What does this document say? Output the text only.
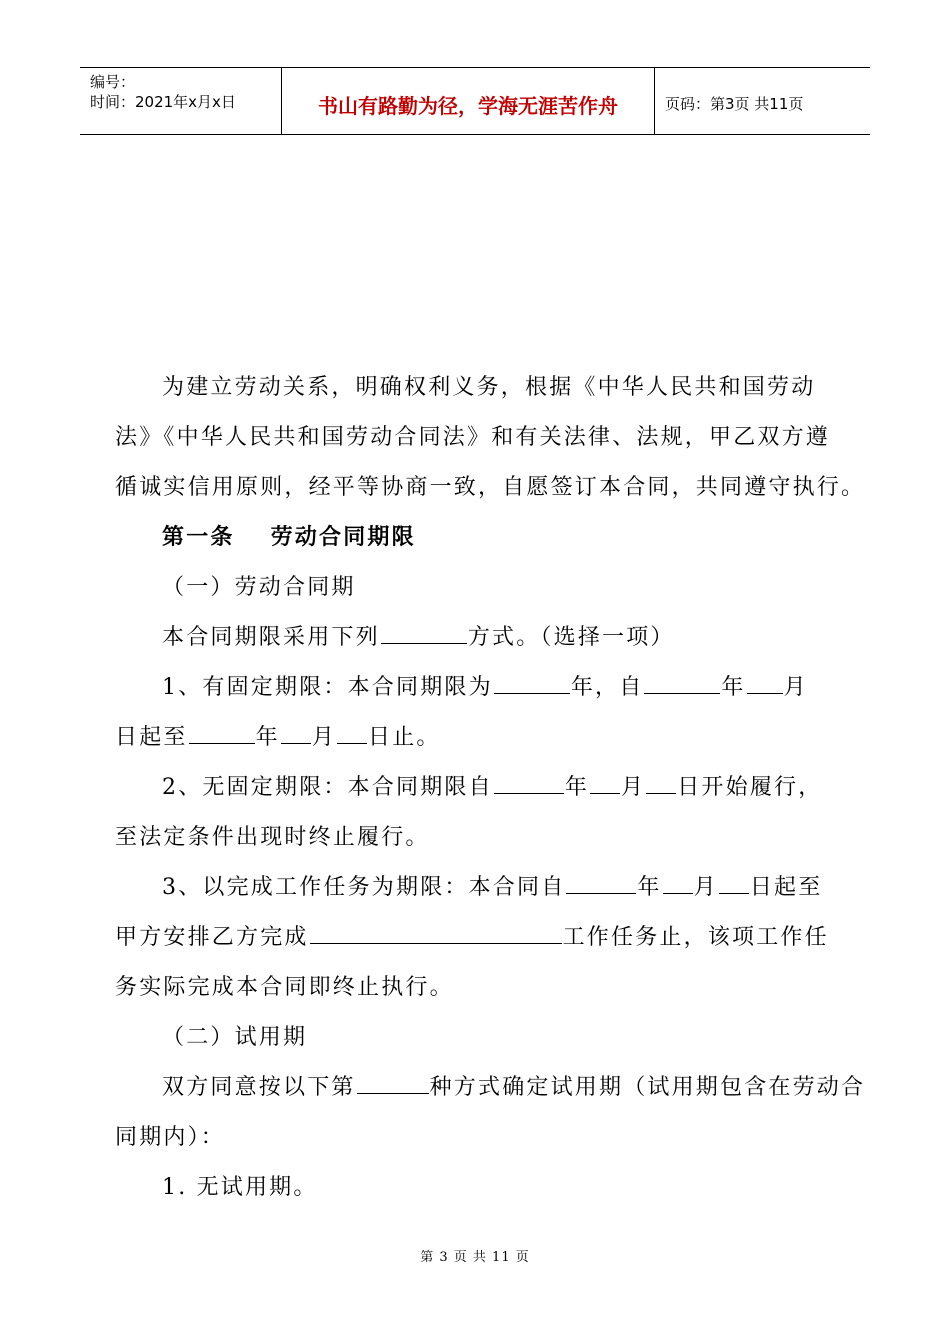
编号：
时间：2021年x月x日	书山有路勤为径，学海无涯苦作舟	页码：第3页 共11页
为建立劳动关系，明确权利义务，根据《中华人民共和国劳动
法》《中华人民共和国劳动合同法》和有关法律、法规，甲乙双方遵
循诚实信用原则，经平等协商一致，自愿签订本合同，共同遵守执行。
第一条 劳动合同期限
（一）劳动合同期
本合同期限采用下列	方式。（选择一项）
1、有固定期限：本合同期限为	年，自	年 月
日起至	年 月 日止。
2、无固定期限：本合同期限自	年 月 日开始履行，
至法定条件出现时终止履行。
3、以完成工作任务为期限：本合同自	年 月 日起至
甲方安排乙方完成	工作任务止，该项工作任
务实际完成本合同即终止执行。
（二）试用期
双方同意按以下第	种方式确定试用期（试用期包含在劳动合
同期内）：
1. 无试用期。
第 3 页 共 11 页
